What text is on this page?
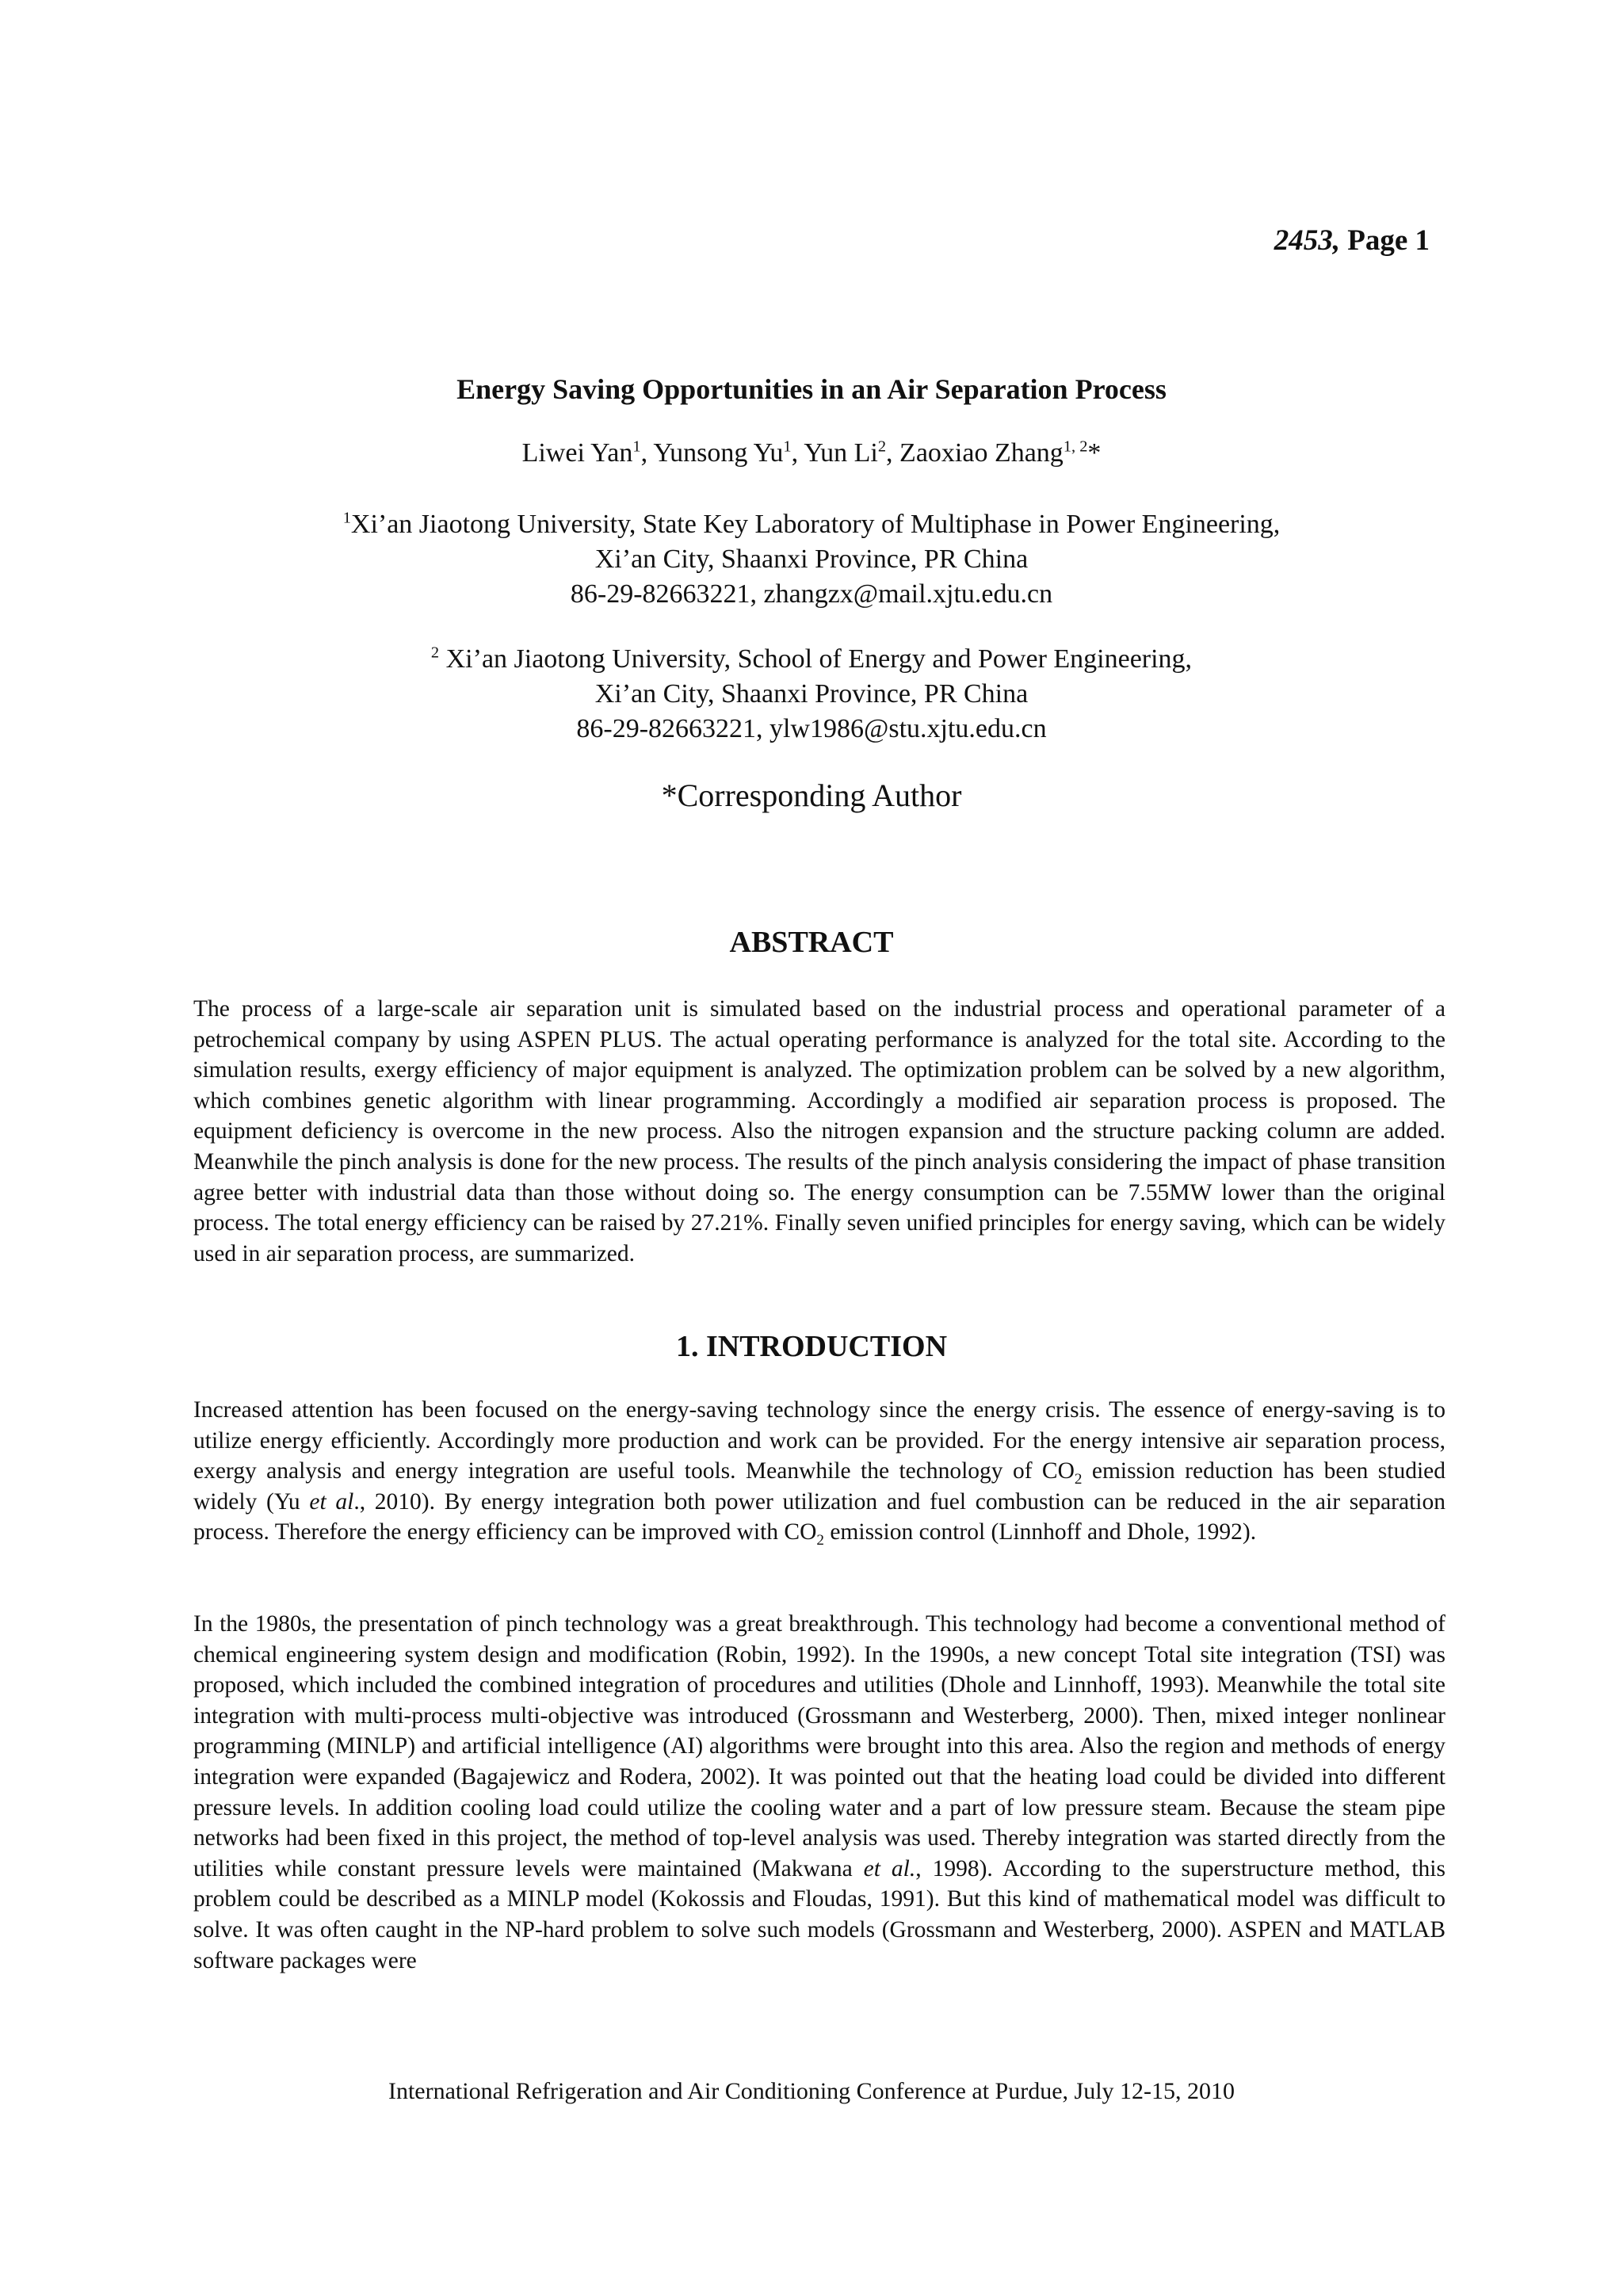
2453, Page 1
Energy Saving Opportunities in an Air Separation Process
Liwei Yan$^1$, Yunsong Yu$^1$, Yun Li$^2$, Zaoxiao Zhang$^{1, 2}$*
$^1$Xi’an Jiaotong University, State Key Laboratory of Multiphase in Power Engineering,
Xi’an City, Shaanxi Province, PR China
86-29-82663221, zhangzx@mail.xjtu.edu.cn
$^2$ Xi’an Jiaotong University, School of Energy and Power Engineering,
Xi’an City, Shaanxi Province, PR China
86-29-82663221, ylw1986@stu.xjtu.edu.cn
*Corresponding Author
ABSTRACT
The process of a large-scale air separation unit is simulated based on the industrial process and operational parameter of a petrochemical company by using ASPEN PLUS. The actual operating performance is analyzed for the total site. According to the simulation results, exergy efficiency of major equipment is analyzed. The optimization problem can be solved by a new algorithm, which combines genetic algorithm with linear programming. Accordingly a modified air separation process is proposed. The equipment deficiency is overcome in the new process. Also the nitrogen expansion and the structure packing column are added. Meanwhile the pinch analysis is done for the new process. The results of the pinch analysis considering the impact of phase transition agree better with industrial data than those without doing so. The energy consumption can be 7.55MW lower than the original process. The total energy efficiency can be raised by 27.21%. Finally seven unified principles for energy saving, which can be widely used in air separation process, are summarized.
1. INTRODUCTION
Increased attention has been focused on the energy-saving technology since the energy crisis. The essence of energy-saving is to utilize energy efficiently. Accordingly more production and work can be provided. For the energy intensive air separation process, exergy analysis and energy integration are useful tools. Meanwhile the technology of $CO_2$ emission reduction has been studied widely (Yu et al., 2010). By energy integration both power utilization and fuel combustion can be reduced in the air separation process. Therefore the energy efficiency can be improved with $CO_2$ emission control (Linnhoff and Dhole, 1992).
In the 1980s, the presentation of pinch technology was a great breakthrough. This technology had become a conventional method of chemical engineering system design and modification (Robin, 1992). In the 1990s, a new concept Total site integration (TSI) was proposed, which included the combined integration of procedures and utilities (Dhole and Linnhoff, 1993). Meanwhile the total site integration with multi-process multi-objective was introduced (Grossmann and Westerberg, 2000). Then, mixed integer nonlinear programming (MINLP) and artificial intelligence (AI) algorithms were brought into this area. Also the region and methods of energy integration were expanded (Bagajewicz and Rodera, 2002). It was pointed out that the heating load could be divided into different pressure levels. In addition cooling load could utilize the cooling water and a part of low pressure steam. Because the steam pipe networks had been fixed in this project, the method of top-level analysis was used. Thereby integration was started directly from the utilities while constant pressure levels were maintained (Makwana et al., 1998). According to the superstructure method, this problem could be described as a MINLP model (Kokossis and Floudas, 1991). But this kind of mathematical model was difficult to solve. It was often caught in the NP-hard problem to solve such models (Grossmann and Westerberg, 2000). ASPEN and MATLAB software packages were
International Refrigeration and Air Conditioning Conference at Purdue, July 12-15, 2010
